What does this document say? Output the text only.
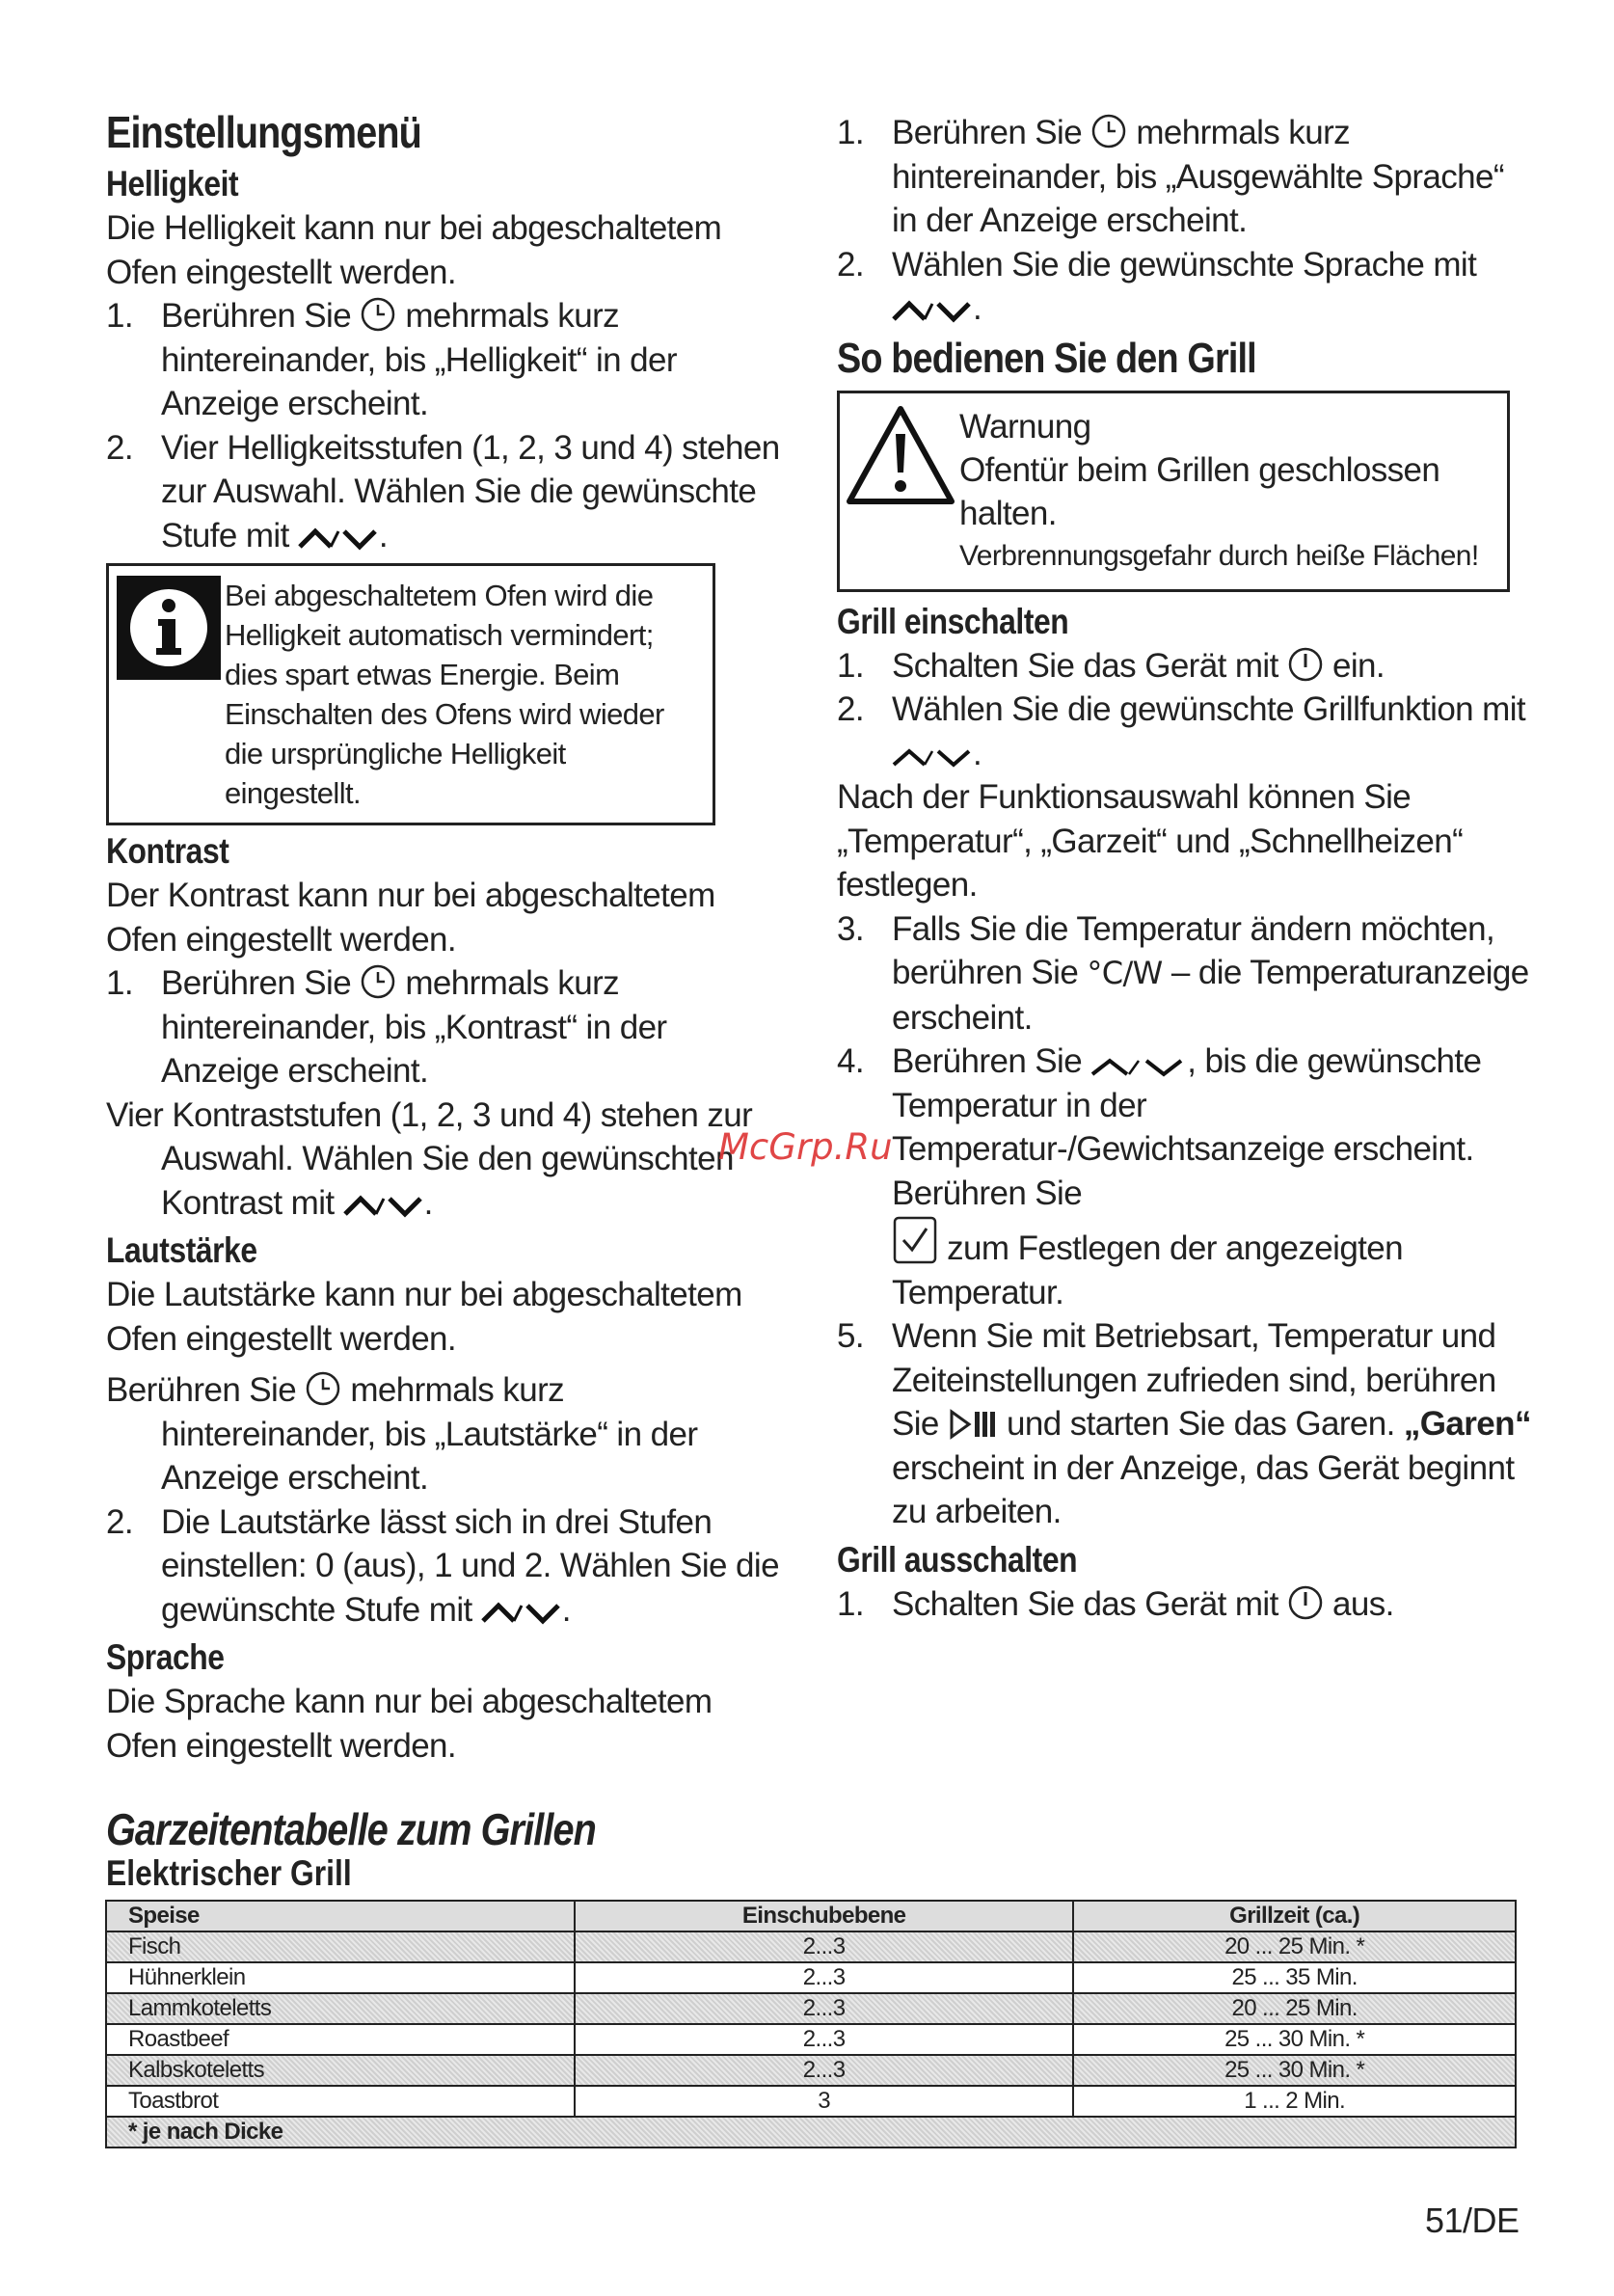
Einstellungsmenü
Helligkeit

Die Helligkeit kann nur bei abgeschaltetem Ofen eingestellt werden.

1. Berühren Sie mehrmals kurz hintereinander, bis „Helligkeit“ in der Anzeige erscheint.
2. Vier Helligkeitsstufen (1, 2, 3 und 4) stehen zur Auswahl. Wählen Sie die gewünschte Stufe mit	.
Bei abgeschaltetem Ofen wird die Helligkeit automatisch vermindert; dies spart etwas Energie. Beim Einschalten des Ofens wird wieder die ursprüngliche Helligkeit eingestellt.
Kontrast

Der Kontrast kann nur bei abgeschaltetem Ofen eingestellt werden.

1. Berühren Sie mehrmals kurz hintereinander, bis „Kontrast“ in der Anzeige erscheint.

Vier Kontraststufen (1, 2, 3 und 4) stehen zur Auswahl. Wählen Sie den gewünschten Kontrast mit	.

Lautstärke

Die Lautstärke kann nur bei abgeschaltetem Ofen eingestellt werden.

Berühren Sie mehrmals kurz hintereinander, bis „Lautstärke“ in der Anzeige erscheint.

2. Die Lautstärke lässt sich in drei Stufen einstellen: 0 (aus), 1 und 2. Wählen Sie die gewünschte Stufe mit	.
Sprache

Die Sprache kann nur bei abgeschaltetem Ofen eingestellt werden.

1. Berühren Sie mehrmals kurz hintereinander, bis „Ausgewählte Sprache“ in der Anzeige erscheint.
2. Wählen Sie die gewünschte Sprache mit .
So bedienen Sie den Grill

Warnung

Ofentür beim Grillen geschlossen halten.

Verbrennungsgefahr durch heiße Flächen!

Grill einschalten
1. Schalten Sie das Gerät mit ein.
2. Wählen Sie die gewünschte Grillfunktion mit .

Nach der Funktionsauswahl können Sie „Temperatur“, „Garzeit“ und „Schnellheizen“ festlegen.

3. Falls Sie die Temperatur ändern möchten, berühren Sie °C/W – die Temperaturanzeige erscheint.
4. Berühren Sie	, bis die gewünschte Temperatur in der Temperatur-/Gewichtsanzeige erscheint. Berühren Sie
zum Festlegen der angezeigten Temperatur.
5. Wenn Sie mit Betriebsart, Temperatur und Zeiteinstellungen zufrieden sind, berühren Sie und starten Sie das Garen. „Garen“ erscheint in der Anzeige, das Gerät beginnt zu arbeiten.
Grill ausschalten
1. Schalten Sie das Gerät mit aus.
McGrp.Ru
Garzeitentabelle zum Grillen
Elektrischer Grill
Speise	Einschubebene	Grillzeit (ca.)
Fisch	2...3	20 ... 25 Min. *
Hühnerklein	2...3	25 ... 35 Min.
Lammkoteletts	2...3	20 ... 25 Min.
Roastbeef	2...3	25 ... 30 Min. *
Kalbskoteletts	2...3	25 ... 30 Min. *
Toastbrot	3	1 ... 2 Min.
* je nach Dicke		
51/DE
